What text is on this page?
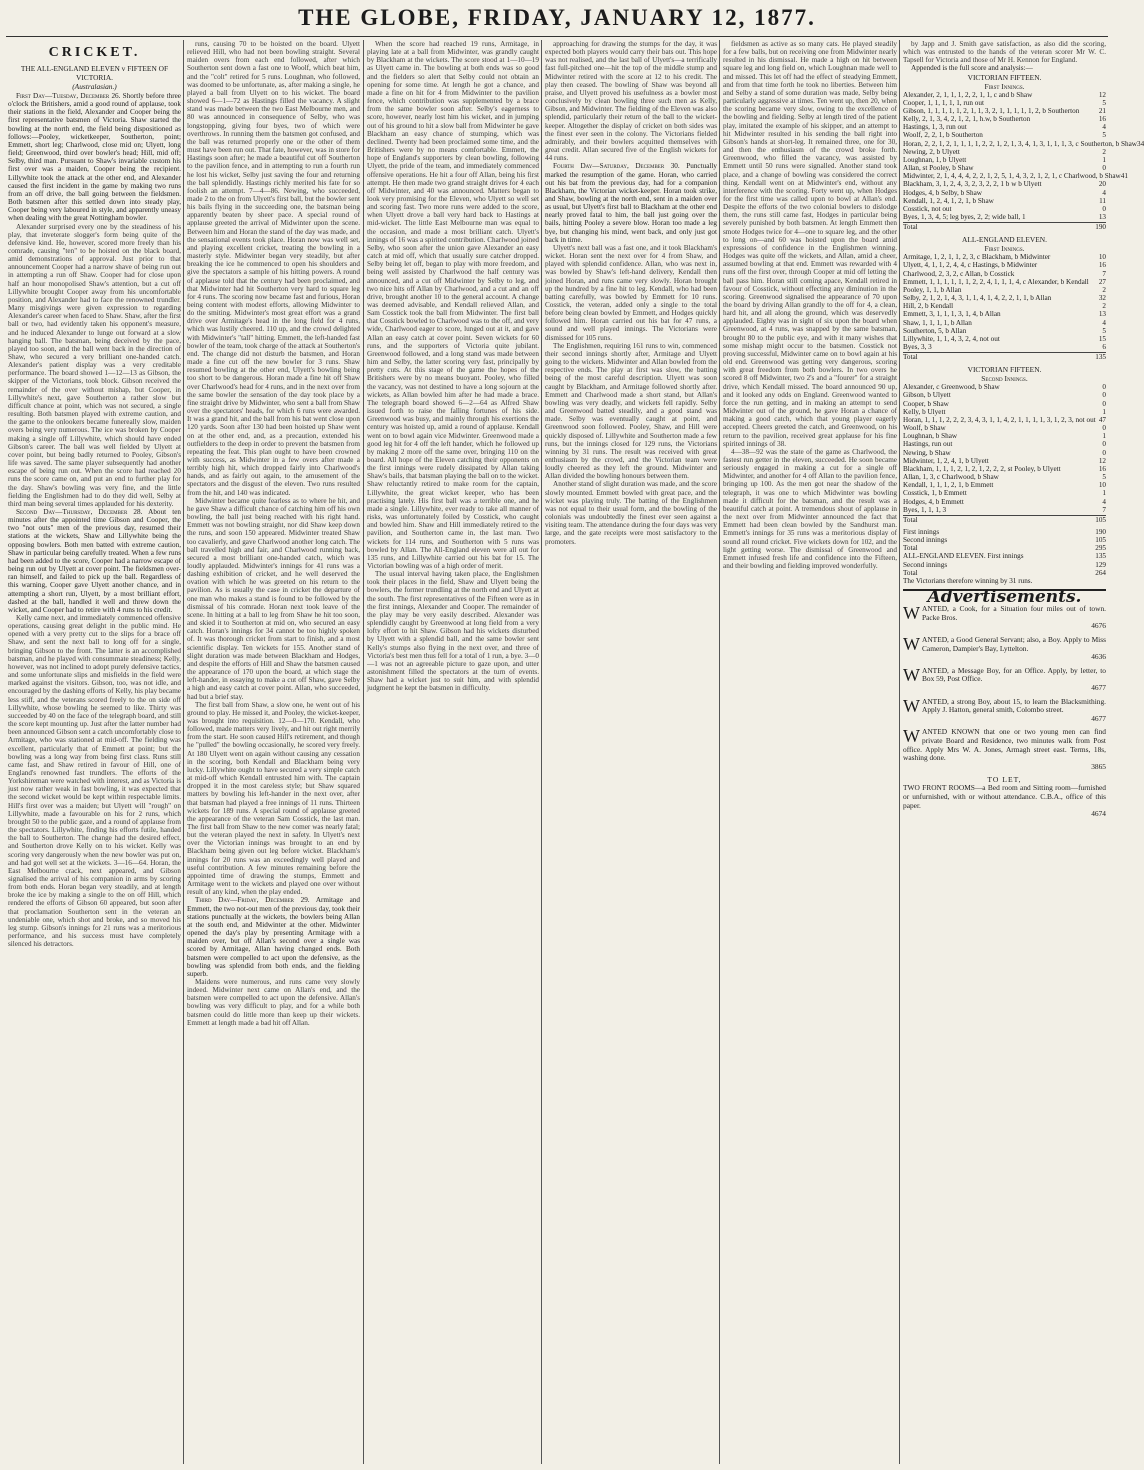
THE GLOBE, FRIDAY, JANUARY 12, 1877.
CRICKET.

THE ALL-ENGLAND ELEVEN v FIFTEEN OF VICTORIA.

(Australasian.)

First Day—Tuesday, December 26. Shortly before three o'clock the Britishers, amid a good round of applause, took their stations in the field, Alexander and Cooper being the first representative batsmen of Victoria. Shaw started the bowling at the north end, the field being dispositioned as follows:—Pooley, wicketkeeper, Southerton, point; Emmett, short leg; Charlwood, close mid on; Ulyett, long field; Greenwood, third over bowler's head; Hill, mid off; Selby, third man. Pursuant to Shaw's invariable custom his first over was a maiden, Cooper being the recipient. Lillywhite took the attack at the other end, and Alexander caused the first incident in the game by making two runs from an off drive, the ball going between the fieldsmen. Both batsmen after this settled down into steady play, Cooper being very laboured in style, and apparently uneasy when dealing with the great Nottingham bowler.

Alexander surprised every one by the steadiness of his play, that inveterate slogger's form being quite of the defensive kind. He, however, scored more freely than his comrade, causing "ten" to be hoisted on the black board, amid demonstrations of approval. Just prior to that announcement Cooper had a narrow shave of being run out in attempting a run off Shaw. Cooper had for close upon half an hour monopolised Shaw's attention, but a cut off Lillywhite brought Cooper away from his uncomfortable position, and Alexander had to face the renowned trundler. Many misgivings were given expression to regarding Alexander's career when faced to Shaw. Shaw, after the first ball or two, had evidently taken his opponent's measure, and he induced Alexander to lunge out forward at a slow hanging ball. The batsman, being deceived by the pace, played too soon, and the ball went back in the direction of Shaw, who secured a very brilliant one-handed catch. Alexander's patient display was a very creditable performance. The board showed 1—12—13 as Gibson, the skipper of the Victorians, took block. Gibson received the remainder of the over without mishap, but Cooper, in Lillywhite's next, gave Southerton a rather slow but difficult chance at point, which was not secured, a single resulting. Both batsmen played with extreme caution, and the game to the onlookers became funereally slow, maiden overs being very numerous. The ice was broken by Cooper making a single off Lillywhite, which should have ended Gibson's career. The ball was well fielded by Ulyett at cover point, but being badly returned to Pooley, Gibson's life was saved. The same player subsequently had another escape of being run out. When the score had reached 20 runs the score came on, and put an end to further play for the day. Shaw's bowling was very fine, and the little fielding the Englishmen had to do they did well, Selby at third man being several times applauded for his dexterity.

Second Day—Thursday, December 28. About ten minutes after the appointed time Gibson and Cooper, the two "not outs" men of the previous day, resumed their stations at the wickets, Shaw and Lillywhite being the opposing bowlers. Both men batted with extreme caution, Shaw in particular being carefully treated. When a few runs had been added to the score, Cooper had a narrow escape of being run out by Ulyett at cover point. The fieldsmen over-ran himself, and failed to pick up the ball. Regardless of this warning, Cooper gave Ulyett another chance, and in attempting a short run, Ulyett, by a most brilliant effort, dashed at the ball, handled it well and threw down the wicket, and Cooper had to retire with 4 runs to his credit.

Kelly came next, and immediately commenced offensive operations, causing great delight in the public mind. He opened with a very pretty cut to the slips for a brace off Shaw, and sent the next ball to long off for a single, bringing Gibson to the front. The latter is an accomplished batsman, and he played with consummate steadiness; Kelly, however, was not inclined to adopt purely defensive tactics, and some unfortunate slips and misfields in the field were marked against the visitors. Gibson, too, was not idle, and encouraged by the dashing efforts of Kelly, his play became less stiff, and the veterans scored freely to the on side off Lillywhite, whose bowling he seemed to like. Thirty was succeeded by 40 on the face of the telegraph board, and still the score kept mounting up. Just after the latter number had been announced Gibson sent a catch uncomfortably close to Armitage, who was stationed at mid-off. The fielding was excellent, particularly that of Emmett at point; but the bowling was a long way from being first class. Runs still came fast, and Shaw retired in favour of Hill, one of England's renowned fast trundlers. The efforts of the Yorkshireman were watched with interest, and as Victoria is just now rather weak in fast bowling, it was expected that the second wicket would be kept within respectable limits. Hill's first over was a maiden; but Ulyett will "rough" on Lillywhite, made a favourable on his for 2 runs, which brought 50 to the public gaze, and a round of applause from the spectators. Lillywhite, finding his efforts futile, handed the ball to Southerton. The change had the desired effect, and Southerton drove Kelly on to his wicket. Kelly was scoring very dangerously when the new bowler was put on, and had got well set at the wickets. 3—16—64. Horan, the East Melbourne crack, next appeared, and Gibson signalised the arrival of his companion in arms by scoring from both ends. Horan began very steadily, and at length broke the ice by making a single to the on off Hill, which rendered the efforts of Gibson 60 appeared, but soon after that proclamation Southerton sent in the veteran an undeniable one, which shot and broke, and so moved his leg stump. Gibson's innings for 21 runs was a meritorious performance, and his success must have completely silenced his detractors.

runs, causing 70 to be hoisted on the board. Ulyett relieved Hill, who had not been bowling straight. Several maiden overs from each end followed, after which Southerton sent down a fast one to Woolf, which beat him, and the "colt" retired for 5 runs. Loughnan, who followed, was doomed to be unfortunate, as, after making a single, he played a ball from Ulyett on to his wicket. The board showed 6—1—72 as Hastings filled the vacancy. A slight stand was made between the two East Melbourne men, and 80 was announced in consequence of Selby, who was longstopping, giving four byes, two of which were overthrows. In running them the batsmen got confused, and the ball was returned properly one or the other of them must have been run out. That fate, however, was in store for Hastings soon after; he made a beautiful cut off Southerton to the pavilion fence, and in attempting to run a fourth run he lost his wicket, Selby just saving the four and returning the ball splendidly. Hastings richly merited his fate for so foolish an attempt. 7—4—86. Newing, who succeeded, made 2 to the on from Ulyett's first ball, but the bowler sent his bails flying in the succeeding one, the batsman being apparently beaten by sheer pace. A special round of applause greeted the arrival of Midwinter upon the scene. Between him and Horan the stand of the day was made, and the sensational events took place. Horan now was well set, and playing excellent cricket, treating the bowling in a masterly style. Midwinter began very steadily, but after breaking the ice he commenced to open his shoulders and give the spectators a sample of his hitting powers. A round of applause told that the century had been proclaimed, and that Midwinter had hit Southerton very hard to square leg for 4 runs. The scoring now became fast and furious, Horan being content with modest efforts, allowing Midwinter to do the smiting. Midwinter's most great effort was a grand drive over Armitage's head in the long field for 4 runs, which was lustily cheered. 110 up, and the crowd delighted with Midwinter's "tall" hitting. Emmett, the left-handed fast bowler of the team, took charge of the attack at Southerton's end. The change did not disturb the batsmen, and Horan made a fine cut off the new bowler for 3 runs. Shaw resumed bowling at the other end, Ulyett's bowling being too short to be dangerous. Horan made a fine hit off Shaw over Charlwood's head for 4 runs, and in the next over from the same bowler the sensation of the day took place by a fine straight drive by Midwinter, who sent a ball from Shaw over the spectators' heads, for which 6 runs were awarded. It was a grand hit, and the ball from his bat went close upon 120 yards. Soon after 130 had been hoisted up Shaw went on at the other end, and, as a precaution, extended his outfielders to the deep in order to prevent the batsmen from repeating the feat. This plan ought to have been crowned with success, as Midwinter in a few overs after made a terribly high hit, which dropped fairly into Charlwood's hands, and as fairly out again, to the amusement of the spectators and the disgust of the eleven. Two runs resulted from the hit, and 140 was indicated.

Midwinter became quite fearless as to where he hit, and he gave Shaw a difficult chance of catching him off his own bowling, the ball just being reached with his right hand. Emmett was not bowling straight, nor did Shaw keep down the runs, and soon 150 appeared. Midwinter treated Shaw too cavalierly, and gave Charlwood another long catch. The ball travelled high and fair, and Charlwood running back, secured a most brilliant one-handed catch, which was loudly applauded. Midwinter's innings for 41 runs was a dashing exhibition of cricket, and he well deserved the ovation with which he was greeted on his return to the pavilion. As is usually the case in cricket the departure of one man who makes a stand is found to be followed by the dismissal of his comrade. Horan next took leave of the scene. In hitting at a ball to leg from Shaw he hit too soon, and skied it to Southerton at mid on, who secured an easy catch. Horan's innings for 34 cannot be too highly spoken of. It was thorough cricket from start to finish, and a most scientific display. Ten wickets for 155. Another stand of slight duration was made between Blackham and Hodges, and despite the efforts of Hill and Shaw the batsmen caused the appearance of 170 upon the board, at which stage the left-hander, in essaying to make a cut off Shaw, gave Selby a high and easy catch at cover point. Allan, who succeeded, had but a brief stay.

The first ball from Shaw, a slow one, he went out of his ground to play. He missed it, and Pooley, the wicket-keeper, was brought into requisition. 12—0—170. Kendall, who followed, made matters very lively, and hit out right merrily from the start. He soon caused Hill's retirement, and though he "pulled" the bowling occasionally, he scored very freely. At 180 Ulyett went on again without causing any cessation in the scoring, both Kendall and Blackham being very lucky. Lillywhite ought to have secured a very simple catch at mid-off which Kendall entrusted him with. The captain dropped it in the most careless style; but Shaw squared matters by bowling his left-hander in the next over, after that batsman had played a free innings of 11 runs. Thirteen wickets for 189 runs. A special round of applause greeted the appearance of the veteran Sam Cosstick, the last man. The first ball from Shaw to the new comer was nearly fatal; but the veteran played the next in safety. In Ulyett's next over the Victorian innings was brought to an end by Blackham being given out leg before wicket. Blackham's innings for 20 runs was an exceedingly well played and useful contribution. A few minutes remaining before the appointed time of drawing the stumps, Emmett and Armitage went to the wickets and played one over without result of any kind, when the play ended.

Third Day—Friday, December 29. Armitage and Emmett, the two not-out men of the previous day, took their stations punctually at the wickets, the bowlers being Allan at the south end, and Midwinter at the other. Midwinter opened the day's play by presenting Armitage with a maiden over, but off Allan's second over a single was scored by Armitage, Allan having changed ends. Both batsmen were compelled to act upon the defensive, as the bowling was splendid from both ends, and the fielding superb.

Maidens were numerous, and runs came very slowly indeed. Midwinter next came on Allan's end, and the batsmen were compelled to act upon the defensive. Allan's bowling was very difficult to play, and for a while both batsmen could do little more than keep up their wickets. Emmett at length made a bad hit off Allan.

When the score had reached 19 runs, Armitage, in playing late at a ball from Midwinter, was grandly caught by Blackham at the wickets. The score stood at 1—10—19 as Ulyett came in. The bowling at both ends was so good and the fielders so alert that Selby could not obtain an opening for some time. At length he got a chance, and made a fine on hit for 4 from Midwinter to the pavilion fence, which contribution was supplemented by a brace from the same bowler soon after. Selby's eagerness to score, however, nearly lost him his wicket, and in jumping out of his ground to hit a slow ball from Midwinter he gave Blackham an easy chance of stumping, which was declined. Twenty had been proclaimed some time, and the Britishers were by no means comfortable. Emmett, the hope of England's supporters by clean bowling, following Ulyett, the pride of the team, and immediately commenced offensive operations. He hit a four off Allan, being his first attempt. He then made two grand straight drives for 4 each off Midwinter, and 40 was announced. Matters began to look very promising for the Eleven, who Ulyett so well set and scoring fast. Two more runs were added to the score, when Ulyett drove a ball very hard back to Hastings at mid-wicket. The little East Melbourne man was equal to the occasion, and made a most brilliant catch. Ulyett's innings of 16 was a spirited contribution. Charlwood joined Selby, who soon after the union gave Alexander an easy catch at mid off, which that usually sure catcher dropped. Selby being let off, began to play with more freedom, and being well assisted by Charlwood the half century was announced, and a cut off Midwinter by Selby to leg, and two nice hits off Allan by Charlwood, and a cut and an off drive, brought another 10 to the general account. A change was deemed advisable, and Kendall relieved Allan, and Sam Cosstick took the ball from Midwinter. The first ball that Cosstick bowled to Charlwood was to the off, and very wide, Charlwood eager to score, lunged out at it, and gave Allan an easy catch at cover point. Seven wickets for 60 runs, and the supporters of Victoria quite jubilant. Greenwood followed, and a long stand was made between him and Selby, the latter scoring very fast, principally by pretty cuts. At this stage of the game the hopes of the Britishers were by no means buoyant. Pooley, who filled the vacancy, was not destined to have a long sojourn at the wickets, as Allan bowled him after he had made a brace. The telegraph board showed 6—2—64 as Alfred Shaw issued forth to raise the falling fortunes of his side. Greenwood was busy, and mainly through his exertions the century was hoisted up, amid a round of applause. Kendall went on to bowl again vice Midwinter. Greenwood made a good leg hit for 4 off the left hander, which he followed up by making 2 more off the same over, bringing 110 on the board. All hope of the Eleven catching their opponents on the first innings were rudely dissipated by Allan taking Shaw's bails, that batsman playing the ball on to the wicket. Shaw reluctantly retired to make room for the captain, Lillywhite, the great wicket keeper, who has been practising lately. His first ball was a terrible one, and he made a single. Lillywhite, ever ready to take all manner of risks, was unfortunately foiled by Cosstick, who caught and bowled him. Shaw and Hill immediately retired to the pavilion, and Southerton came in, the last man. Two wickets for 114 runs, and Southerton with 5 runs was bowled by Allan. The All-England eleven were all out for 135 runs, and Lillywhite carried out his bat for 15. The Victorian bowling was of a high order of merit.

The usual interval having taken place, the Englishmen took their places in the field, Shaw and Ulyett being the bowlers, the former trundling at the north end and Ulyett at the south. The first representatives of the Fifteen were as in the first innings, Alexander and Cooper. The remainder of the play may be very easily described. Alexander was splendidly caught by Greenwood at long field from a very lofty effort to hit Shaw. Gibson had his wickets disturbed by Ulyett with a splendid ball, and the same bowler sent Kelly's stumps also flying in the next over, and three of Victoria's best men thus fell for a total of 1 run, a bye. 3—0—1 was not an agreeable picture to gaze upon, and utter astonishment filled the spectators at the turn of events. Shaw had a wicket just to suit him, and with splendid judgment he kept the batsmen in difficulty.

approaching for drawing the stumps for the day, it was expected both players would carry their bats out. This hope was not realised, and the last ball of Ulyett's—a terrifically fast full-pitched one—hit the top of the middle stump and Midwinter retired with the score at 12 to his credit. The play then ceased. The bowling of Shaw was beyond all praise, and Ulyett proved his usefulness as a bowler most conclusively by clean bowling three such men as Kelly, Gibson, and Midwinter. The fielding of the Eleven was also splendid, particularly their return of the ball to the wicket-keeper. Altogether the display of cricket on both sides was the finest ever seen in the colony. The Victorians fielded admirably, and their bowlers acquitted themselves with great credit. Allan secured five of the English wickets for 44 runs.

Fourth Day—Saturday, December 30. Punctually marked the resumption of the game. Horan, who carried out his bat from the previous day, had for a companion Blackham, the Victorian wicket-keeper. Horan took strike, and Shaw, bowling at the north end, sent in a maiden over as usual, but Ulyett's first ball to Blackham at the other end nearly proved fatal to him, the ball just going over the bails, hitting Pooley a severe blow. Horan too made a leg bye, but changing his mind, went back, and only just got back in time.

Ulyett's next ball was a fast one, and it took Blackham's wicket. Horan sent the next over for 4 from Shaw, and played with splendid confidence. Allan, who was next in, was bowled by Shaw's left-hand delivery, Kendall then joined Horan, and runs came very slowly. Horan brought up the hundred by a fine hit to leg. Kendall, who had been batting carefully, was bowled by Emmett for 10 runs. Cosstick, the veteran, added only a single to the total before being clean bowled by Emmett, and Hodges quickly followed him. Horan carried out his bat for 47 runs, a sound and well played innings. The Victorians were dismissed for 105 runs.

The Englishmen, requiring 161 runs to win, commenced their second innings shortly after, Armitage and Ulyett going to the wickets. Midwinter and Allan bowled from the respective ends. The play at first was slow, the batting being of the most careful description. Ulyett was soon caught by Blackham, and Armitage followed shortly after. Emmett and Charlwood made a short stand, but Allan's bowling was very deadly, and wickets fell rapidly. Selby and Greenwood batted steadily, and a good stand was made. Selby was eventually caught at point, and Greenwood soon followed. Pooley, Shaw, and Hill were quickly disposed of. Lillywhite and Southerton made a few runs, but the innings closed for 129 runs, the Victorians winning by 31 runs. The result was received with great enthusiasm by the crowd, and the Victorian team were loudly cheered as they left the ground. Midwinter and Allan divided the bowling honours between them.

Another stand of slight duration was made, and the score slowly mounted. Emmett bowled with great pace, and the wicket was playing truly. The batting of the Englishmen was not equal to their usual form, and the bowling of the colonials was undoubtedly the finest ever seen against a visiting team. The attendance during the four days was very large, and the gate receipts were most satisfactory to the promoters.

fieldsmen as active as so many cats. He played steadily for a few balls, but on receiving one from Midwinter nearly resulted in his dismissal. He made a high on hit between square leg and long field on, which Loughnan made well to and missed. This let off had the effect of steadying Emmett, and from that time forth he took no liberties. Between him and Selby a stand of some duration was made, Selby being particularly aggressive at times. Ten went up, then 20, when the scoring became very slow, owing to the excellence of the bowling and fielding. Selby at length tired of the patient play, imitated the example of his skipper, and an attempt to hit Midwinter resulted in his sending the ball right into Gibson's hands at short-leg. It remained three, one for 30, and then the enthusiasm of the crowd broke forth. Greenwood, who filled the vacancy, was assisted by Emmett until 50 runs were signalled. Another stand took place, and a change of bowling was considered the correct thing. Kendall went on at Midwinter's end, without any interference with the scoring. Forty went up, when Hodges for the first time was called upon to bowl at Allan's end. Despite the efforts of the two colonial bowlers to dislodge them, the runs still came fast, Hodges in particular being severely punished by both batsmen. At length Emmett then smote Hodges twice for 4—one to square leg, and the other to long on—and 60 was hoisted upon the board amid expressions of confidence in the Englishmen winning. Hodges was quite off the wickets, and Allan, amid a cheer, assumed bowling at that end. Emmett was rewarded with 4 runs off the first over, through Cooper at mid off letting the ball pass him. Horan still coming apace, Kendall retired in favour of Cosstick, without effecting any diminution in the scoring. Greenwood signalised the appearance of 70 upon the board by driving Allan grandly to the off for 4, a clean, hard hit, and all along the ground, which was deservedly applauded. Eighty was in sight of six upon the board when Greenwood, at 4 runs, was snapped by the same batsman, brought 80 to the public eye, and with it many wishes that some mishap might occur to the batsmen. Cosstick not proving successful, Midwinter came on to bowl again at his old end. Greenwood was getting very dangerous, scoring with great freedom from both bowlers. In two overs he scored 8 off Midwinter, two 2's and a "fourer" for a straight drive, which Kendall missed. The board announced 90 up, and it looked any odds on England. Greenwood wanted to force the run getting, and in making an attempt to send Midwinter out of the ground, he gave Horan a chance of making a good catch, which that young player eagerly accepted. Cheers greeted the catch, and Greenwood, on his return to the pavilion, received great applause for his fine spirited innings of 38.

4—38—92 was the state of the game as Charlwood, the fastest run getter in the eleven, succeeded. He soon became seriously engaged in making a cut for a single off Midwinter, and another for 4 off Allan to the pavilion fence, bringing up 100. As the men got near the shadow of the telegraph, it was one to which Midwinter was bowling made it difficult for the batsman, and the result was a beautiful catch at point. A tremendous shout of applause in the next over from Midwinter announced the fact that Emmett had been clean bowled by the Sandhurst man. Emmett's innings for 35 runs was a meritorious display of sound all round cricket. Five wickets down for 102, and the light getting worse. The dismissal of Greenwood and Emmett infused fresh life and confidence into the Fifteen, and their bowling and fielding improved wonderfully.

by Japp and J. Smith gave satisfaction, as also did the scoring, which was entrusted to the hands of the veteran scorer Mr W. C. Tapsell for Victoria and those of Mr H. Kennon for England.

Appended is the full score and analysis:—

VICTORIAN FIFTEEN.
First Innings.
Alexander, 2, 1, 1, 1, 2, 2, 1, 1, c and b Shaw	12
Cooper, 1, 1, 1, 1, 1, run out	5
Gibson, 1, 1, 1, 1, 1, 2, 1, 1, 3, 2, 1, 1, 1, 1, 1, 2, b Southerton	21
Kelly, 2, 1, 3, 4, 2, 1, 2, 1, h.w, b Southerton	16
Hastings, 1, 3, run out	4
Woolf, 2, 2, 1, b Southerton	5
Horan, 2, 2, 1, 2, 1, 1, 1, 1, 2, 2, 1, 2, 1, 3, 4, 1, 3, 1, 1, 1, 3, c Southerton, b Shaw 34
Newing, 2, b Ulyett	2
Loughnan, 1, b Ulyett	1
Allan, st Pooley, b Shaw	0
Midwinter, 2, 1, 4, 4, 4, 2, 2, 1, 2, 5, 1, 4, 3, 2, 1, 2, 1, c Charlwood, b Shaw 41
Blackham, 3, 1, 2, 4, 3, 2, 3, 2, 2, 1 b w b Ulyett	20
Hodges, 4, b Selby, b Shaw	4
Kendall, 1, 2, 4, 1, 2, 1, b Shaw	11
Cosstick, not out	0
Byes, 1, 3, 4, 5; leg byes, 2, 2; wide ball, 1	13
Total	190
ALL-ENGLAND ELEVEN.
First Innings.
Armitage, 1, 2, 1, 1, 2, 3, c Blackham, b Midwinter	10
Ulyett, 4, 1, 1, 2, 4, 4, c Hastings, b Midwinter	16
Charlwood, 2, 3, 2, c Allan, b Cosstick	7
Emmett, 1, 1, 1, 1, 1, 1, 2, 2, 4, 1, 1, 1, 4, c Alexander, b Kendall	27
Pooley, 1, 1, b Allan	2
Selby, 2, 1, 2, 1, 4, 3, 1, 1, 4, 1, 4, 2, 2, 1, 1, b Allan	32
Hill, 2, b Kendall	2
Emmett, 3, 1, 1, 1, 3, 1, 4, b Allan	13
Shaw, 1, 1, 1, 1, b Allan	4
Southerton, 5, b Allan	5
Lillywhite, 1, 1, 4, 3, 2, 4, not out	15
Byes, 3, 3	6
Total	135
VICTORIAN FIFTEEN.
Second Innings.
Alexander, c Greenwood, b Shaw	0
Gibson, b Ulyett	0
Cooper, b Shaw	0
Kelly, b Ulyett	1
Horan, 1, 1, 1, 2, 2, 2, 3, 4, 3, 1, 1, 4, 2, 1, 1, 1, 1, 3, 1, 2, 3, not out 47
Woolf, b Shaw	0
Loughnan, b Shaw	1
Hastings, run out	0
Newing, b Shaw	0
Midwinter, 1, 2, 4, 1, b Ulyett	12
Blackham, 1, 1, 1, 2, 1, 2, 1, 2, 2, 2, st Pooley, b Ulyett	16
Allan, 1, 3, c Charlwood, b Shaw	5
Kendall, 1, 1, 1, 2, 1, b Emmett	10
Cosstick, 1, b Emmett	1
Hodges, 4, b Emmett	4
Byes, 1, 1, 1, 3	7
Total	105
First innings	190
Second innings	105
Total	295
ALL-ENGLAND ELEVEN. First innings	135
Second innings	129
Total	264

The Victorians therefore winning by 31 runs.

Advertisements.
WANTED, a Cook, for a Situation four miles out of town. Packe Bros.
4676
WANTED, a Good General Servant; also, a Boy. Apply to Miss Cameron, Dampier's Bay, Lyttelton.
4636
WANTED, a Message Boy, for an Office. Apply, by letter, to Box 59, Post Office.
4677
WANTED, a strong Boy, about 15, to learn the Blacksmithing. Apply J. Hatton, general smith, Colombo street.
4677
WANTED KNOWN that one or two young men can find private Board and Residence, two minutes walk from Post office. Apply Mrs W. A. Jones, Armagh street east. Terms, 18s, washing done.
3865
TO LET,
TWO FRONT ROOMS—a Bed room and Sitting room—furnished or unfurnished, with or without attendance. C.B.A., office of this paper.
4674
